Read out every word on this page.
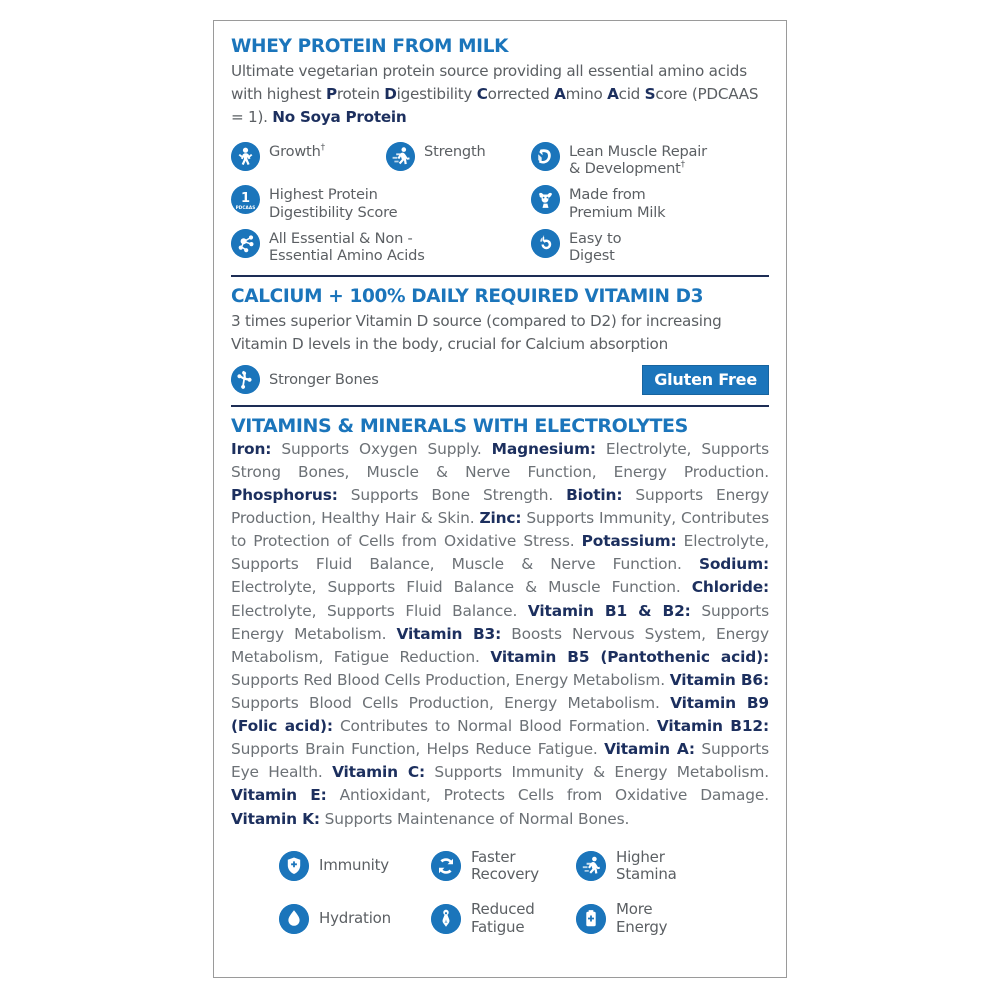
WHEY PROTEIN FROM MILK
Ultimate vegetarian protein source providing all essential amino acids with highest Protein Digestibility Corrected Amino Acid Score (PDCAAS = 1). No Soya Protein
Growth†	Strength	Lean Muscle Repair
& Development†
1
PDCAAS
Highest Protein
Digestibility Score
Made from
Premium Milk
All Essential & Non -
Essential Amino Acids
Easy to
Digest
CALCIUM + 100% DAILY REQUIRED VITAMIN D3
3 times superior Vitamin D source (compared to D2) for increasing Vitamin D levels in the body, crucial for Calcium absorption
Stronger Bones	Gluten Free
VITAMINS & MINERALS WITH ELECTROLYTES

Iron: Supports Oxygen Supply. Magnesium: Electrolyte, Supports Strong Bones, Muscle & Nerve Function, Energy Production. Phosphorus: Supports Bone Strength. Biotin: Supports Energy Production, Healthy Hair & Skin. Zinc: Supports Immunity, Contributes to Protection of Cells from Oxidative Stress. Potassium: Electrolyte, Supports Fluid Balance, Muscle & Nerve Function. Sodium: Electrolyte, Supports Fluid Balance & Muscle Function. Chloride: Electrolyte, Supports Fluid Balance. Vitamin B1 & B2: Supports Energy Metabolism. Vitamin B3: Boosts Nervous System, Energy Metabolism, Fatigue Reduction. Vitamin B5 (Pantothenic acid): Supports Red Blood Cells Production, Energy Metabolism. Vitamin B6: Supports Blood Cells Production, Energy Metabolism. Vitamin B9 (Folic acid): Contributes to Normal Blood Formation. Vitamin B12: Supports Brain Function, Helps Reduce Fatigue. Vitamin A: Supports Eye Health. Vitamin C: Supports Immunity & Energy Metabolism. Vitamin E: Antioxidant, Protects Cells from Oxidative Damage. Vitamin K: Supports Maintenance of Normal Bones.

Immunity	Faster
Recovery
Higher
Stamina
Hydration	Reduced
Fatigue
More
Energy
